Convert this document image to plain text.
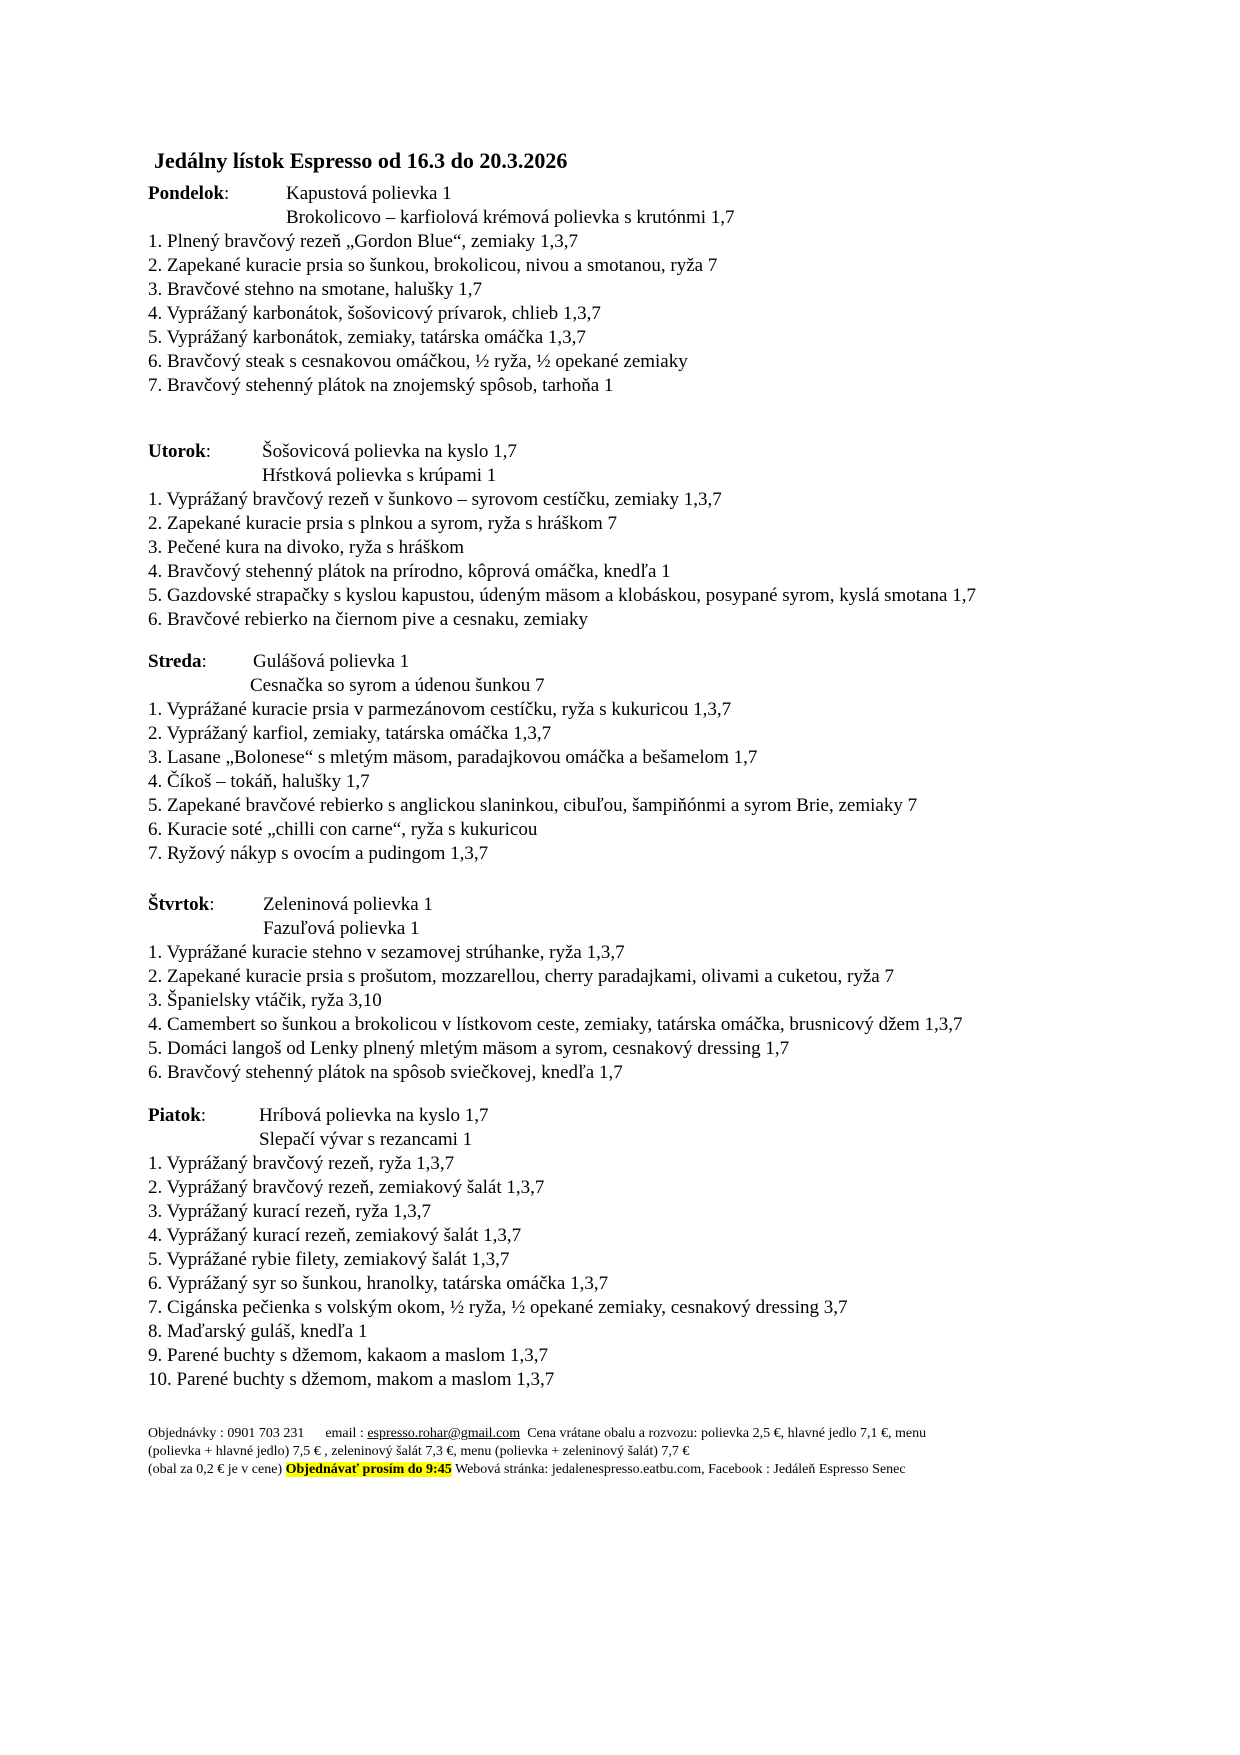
Jedálny lístok Espresso od 16.3 do 20.3.2026
Pondelok:	Kapustová polievka 1
Brokolicovo – karfiolová krémová polievka s krutónmi 1,7
1. Plnený bravčový rezeň „Gordon Blue“, zemiaky 1,3,7
2. Zapekané kuracie prsia so šunkou, brokolicou, nivou a smotanou, ryža 7
3. Bravčové stehno na smotane, halušky 1,7
4. Vyprážaný karbonátok, šošovicový prívarok, chlieb 1,3,7
5. Vyprážaný karbonátok, zemiaky, tatárska omáčka 1,3,7
6. Bravčový steak s cesnakovou omáčkou, ½ ryža, ½ opekané zemiaky
7. Bravčový stehenný plátok na znojemský spôsob, tarhoňa 1
Utorok:	Šošovicová polievka na kyslo 1,7
Hŕstková polievka s krúpami 1
1. Vyprážaný bravčový rezeň v šunkovo – syrovom cestíčku, zemiaky 1,3,7
2. Zapekané kuracie prsia s plnkou a syrom, ryža s hráškom 7
3. Pečené kura na divoko, ryža s hráškom
4. Bravčový stehenný plátok na prírodno, kôprová omáčka, knedľa 1
5. Gazdovské strapačky s kyslou kapustou, údeným mäsom a klobáskou, posypané syrom, kyslá smotana 1,7
6. Bravčové rebierko na čiernom pive a cesnaku, zemiaky
Streda: Gulášová polievka 1
Cesnačka so syrom a údenou šunkou 7
1. Vyprážané kuracie prsia v parmezánovom cestíčku, ryža s kukuricou 1,3,7
2. Vyprážaný karfiol, zemiaky, tatárska omáčka 1,3,7
3. Lasane „Bolonese“ s mletým mäsom, paradajkovou omáčka a bešamelom 1,7
4. Číkoš – tokáň, halušky 1,7
5. Zapekané bravčové rebierko s anglickou slaninkou, cibuľou, šampiňónmi a syrom Brie, zemiaky 7
6. Kuracie soté „chilli con carne“, ryža s kukuricou
7. Ryžový nákyp s ovocím a pudingom 1,3,7
Štvrtok:	Zeleninová polievka 1
Fazuľová polievka 1
1. Vyprážané kuracie stehno v sezamovej strúhanke, ryža 1,3,7
2. Zapekané kuracie prsia s prošutom, mozzarellou, cherry paradajkami, olivami a cuketou, ryža 7
3. Španielsky vtáčik, ryža 3,10
4. Camembert so šunkou a brokolicou v lístkovom ceste, zemiaky, tatárska omáčka, brusnicový džem 1,3,7
5. Domáci langoš od Lenky plnený mletým mäsom a syrom, cesnakový dressing 1,7
6. Bravčový stehenný plátok na spôsob sviečkovej, knedľa 1,7
Piatok:	Hríbová polievka na kyslo 1,7
Slepačí vývar s rezancami 1
1. Vyprážaný bravčový rezeň, ryža 1,3,7
2. Vyprážaný bravčový rezeň, zemiakový šalát 1,3,7
3. Vyprážaný kurací rezeň, ryža 1,3,7
4. Vyprážaný kurací rezeň, zemiakový šalát 1,3,7
5. Vyprážané rybie filety, zemiakový šalát 1,3,7
6. Vyprážaný syr so šunkou, hranolky, tatárska omáčka 1,3,7
7. Cigánska pečienka s volským okom, ½ ryža, ½ opekané zemiaky, cesnakový dressing 3,7
8. Maďarský guláš, knedľa 1
9. Parené buchty s džemom, kakaom a maslom 1,3,7
10. Parené buchty s džemom, makom a maslom 1,3,7
Objednávky : 0901 703 231 email : espresso.rohar@gmail.com Cena vrátane obalu a rozvozu: polievka 2,5 €, hlavné jedlo 7,1 €, menu
(polievka + hlavné jedlo) 7,5 € , zeleninový šalát 7,3 €, menu (polievka + zeleninový šalát) 7,7 €
(obal za 0,2 € je v cene) Objednávať prosím do 9:45 Webová stránka: jedalenespresso.eatbu.com, Facebook : Jedáleň Espresso Senec
